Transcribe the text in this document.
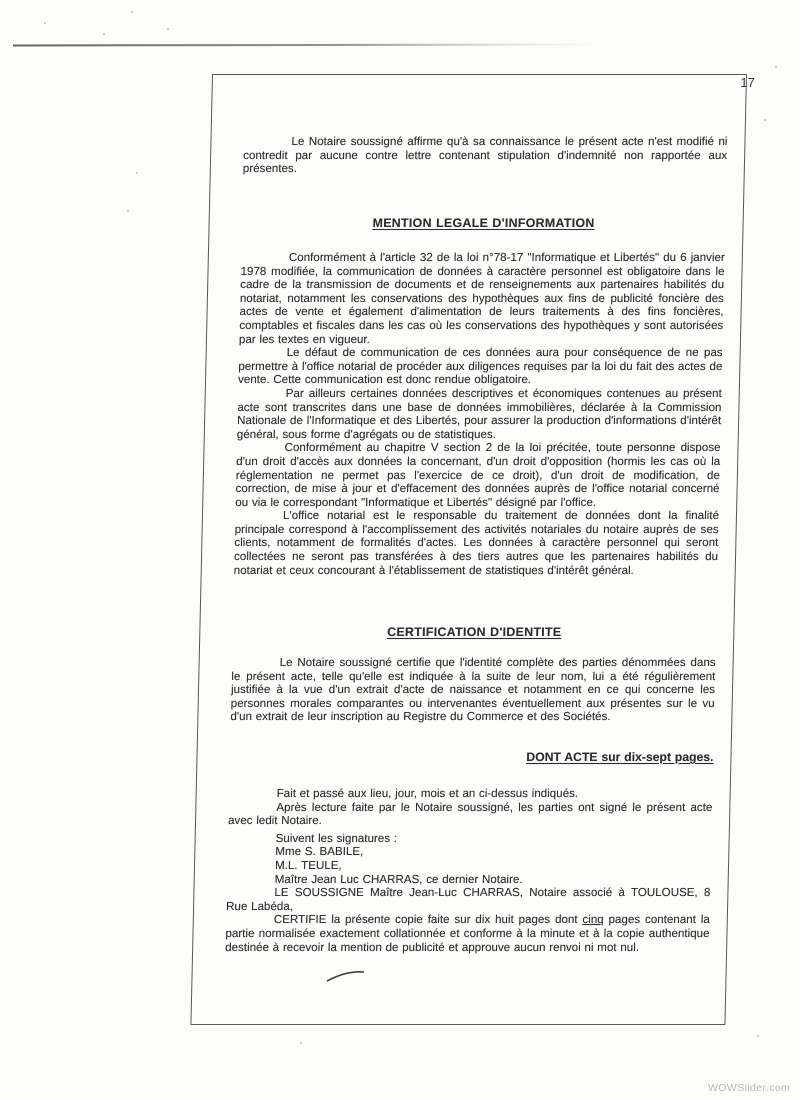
17

Le Notaire soussigné affirme qu'à sa connaissance le présent acte n'est modifié ni contredit par aucune contre lettre contenant stipulation d'indemnité non rapportée aux présentes.

MENTION LEGALE D'INFORMATION

Conformément à l'article 32 de la loi n°78-17 "Informatique et Libertés" du 6 janvier 1978 modifiée, la communication de données à caractère personnel est obligatoire dans le cadre de la transmission de documents et de renseignements aux partenaires habilités du notariat, notamment les conservations des hypothèques aux fins de publicité foncière des actes de vente et également d'alimentation de leurs traitements à des fins foncières, comptables et fiscales dans les cas où les conservations des hypothèques y sont autorisées par les textes en vigueur.

Le défaut de communication de ces données aura pour conséquence de ne pas permettre à l'office notarial de procéder aux diligences requises par la loi du fait des actes de vente. Cette communication est donc rendue obligatoire.

Par ailleurs certaines données descriptives et économiques contenues au présent acte sont transcrites dans une base de données immobilières, déclarée à la Commission Nationale de l'Informatique et des Libertés, pour assurer la production d'informations d'intérêt général, sous forme d'agrégats ou de statistiques.

Conformément au chapitre V section 2 de la loi précitée, toute personne dispose d'un droit d'accès aux données la concernant, d'un droit d'opposition (hormis les cas où la réglementation ne permet pas l'exercice de ce droit), d'un droit de modification, de correction, de mise à jour et d'effacement des données auprès de l'office notarial concerné ou via le correspondant "Informatique et Libertés" désigné par l'office.

L'office notarial est le responsable du traitement de données dont la finalité principale correspond à l'accomplissement des activités notariales du notaire auprès de ses clients, notamment de formalités d'actes. Les données à caractère personnel qui seront collectées ne seront pas transférées à des tiers autres que les partenaires habilités du notariat et ceux concourant à l'établissement de statistiques d'intérêt général.

CERTIFICATION D'IDENTITE

Le Notaire soussigné certifie que l'identité complète des parties dénommées dans le présent acte, telle qu'elle est indiquée à la suite de leur nom, lui a été régulièrement justifiée à la vue d'un extrait d'acte de naissance et notamment en ce qui concerne les personnes morales comparantes ou intervenantes éventuellement aux présentes sur le vu d'un extrait de leur inscription au Registre du Commerce et des Sociétés.

DONT ACTE sur dix-sept pages.

Fait et passé aux lieu, jour, mois et an ci-dessus indiqués.

Après lecture faite par le Notaire soussigné, les parties ont signé le présent acte avec ledit Notaire.

Suivent les signatures :
Mme S. BABILE,
M.L. TEULE,
Maître Jean Luc CHARRAS, ce dernier Notaire.

LE SOUSSIGNE Maître Jean-Luc CHARRAS, Notaire associé à TOULOUSE, 8 Rue Labéda,

CERTIFIE la présente copie faite sur dix huit pages dont cinq pages contenant la partie normalisée exactement collationnée et conforme à la minute et à la copie authentique destinée à recevoir la mention de publicité et approuve aucun renvoi ni mot nul.

WOWSlider.com
